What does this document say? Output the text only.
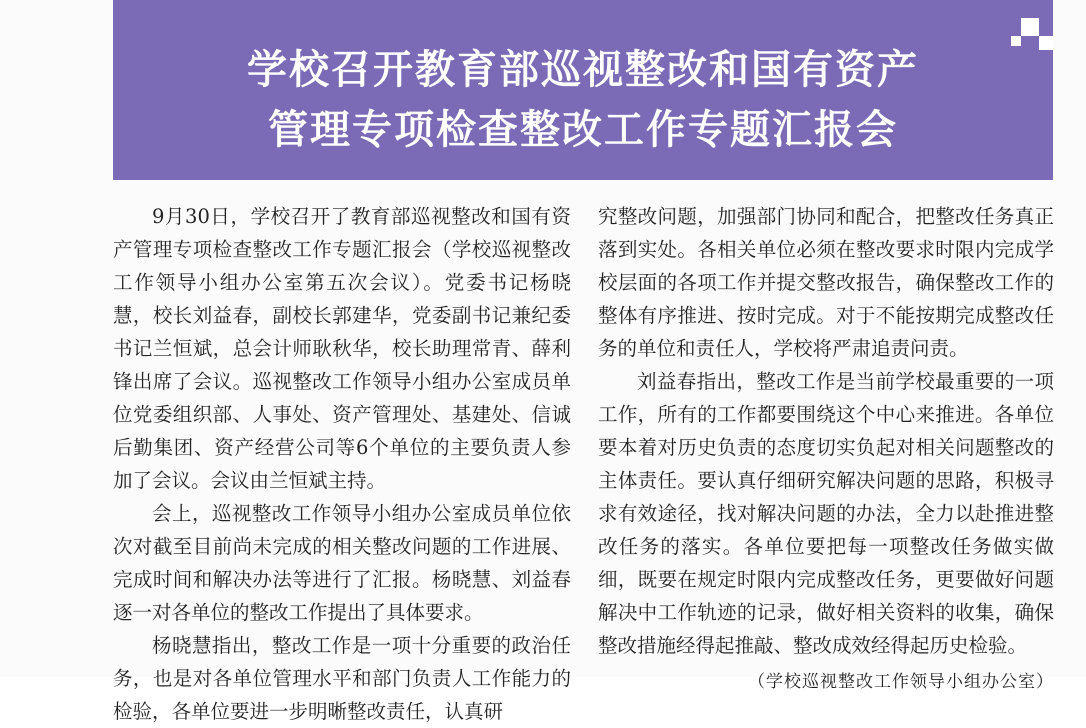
学校召开教育部巡视整改和国有资产
管理专项检查整改工作专题汇报会

9月30日，学校召开了教育部巡视整改和国有资产管理专项检查整改工作专题汇报会（学校巡视整改工作领导小组办公室第五次会议）。党委书记杨晓慧，校长刘益春，副校长郭建华，党委副书记兼纪委书记兰恒斌，总会计师耿秋华，校长助理常青、薛利锋出席了会议。巡视整改工作领导小组办公室成员单位党委组织部、人事处、资产管理处、基建处、信诚后勤集团、资产经营公司等6个单位的主要负责人参加了会议。会议由兰恒斌主持。

会上，巡视整改工作领导小组办公室成员单位依次对截至目前尚未完成的相关整改问题的工作进展、完成时间和解决办法等进行了汇报。杨晓慧、刘益春逐一对各单位的整改工作提出了具体要求。

杨晓慧指出，整改工作是一项十分重要的政治任务，也是对各单位管理水平和部门负责人工作能力的检验，各单位要进一步明晰整改责任，认真研

究整改问题，加强部门协同和配合，把整改任务真正落到实处。各相关单位必须在整改要求时限内完成学校层面的各项工作并提交整改报告，确保整改工作的整体有序推进、按时完成。对于不能按期完成整改任务的单位和责任人，学校将严肃追责问责。

刘益春指出，整改工作是当前学校最重要的一项工作，所有的工作都要围绕这个中心来推进。各单位要本着对历史负责的态度切实负起对相关问题整改的主体责任。要认真仔细研究解决问题的思路，积极寻求有效途径，找对解决问题的办法，全力以赴推进整改任务的落实。各单位要把每一项整改任务做实做细，既要在规定时限内完成整改任务，更要做好问题解决中工作轨迹的记录，做好相关资料的收集，确保整改措施经得起推敲、整改成效经得起历史检验。

（学校巡视整改工作领导小组办公室）
